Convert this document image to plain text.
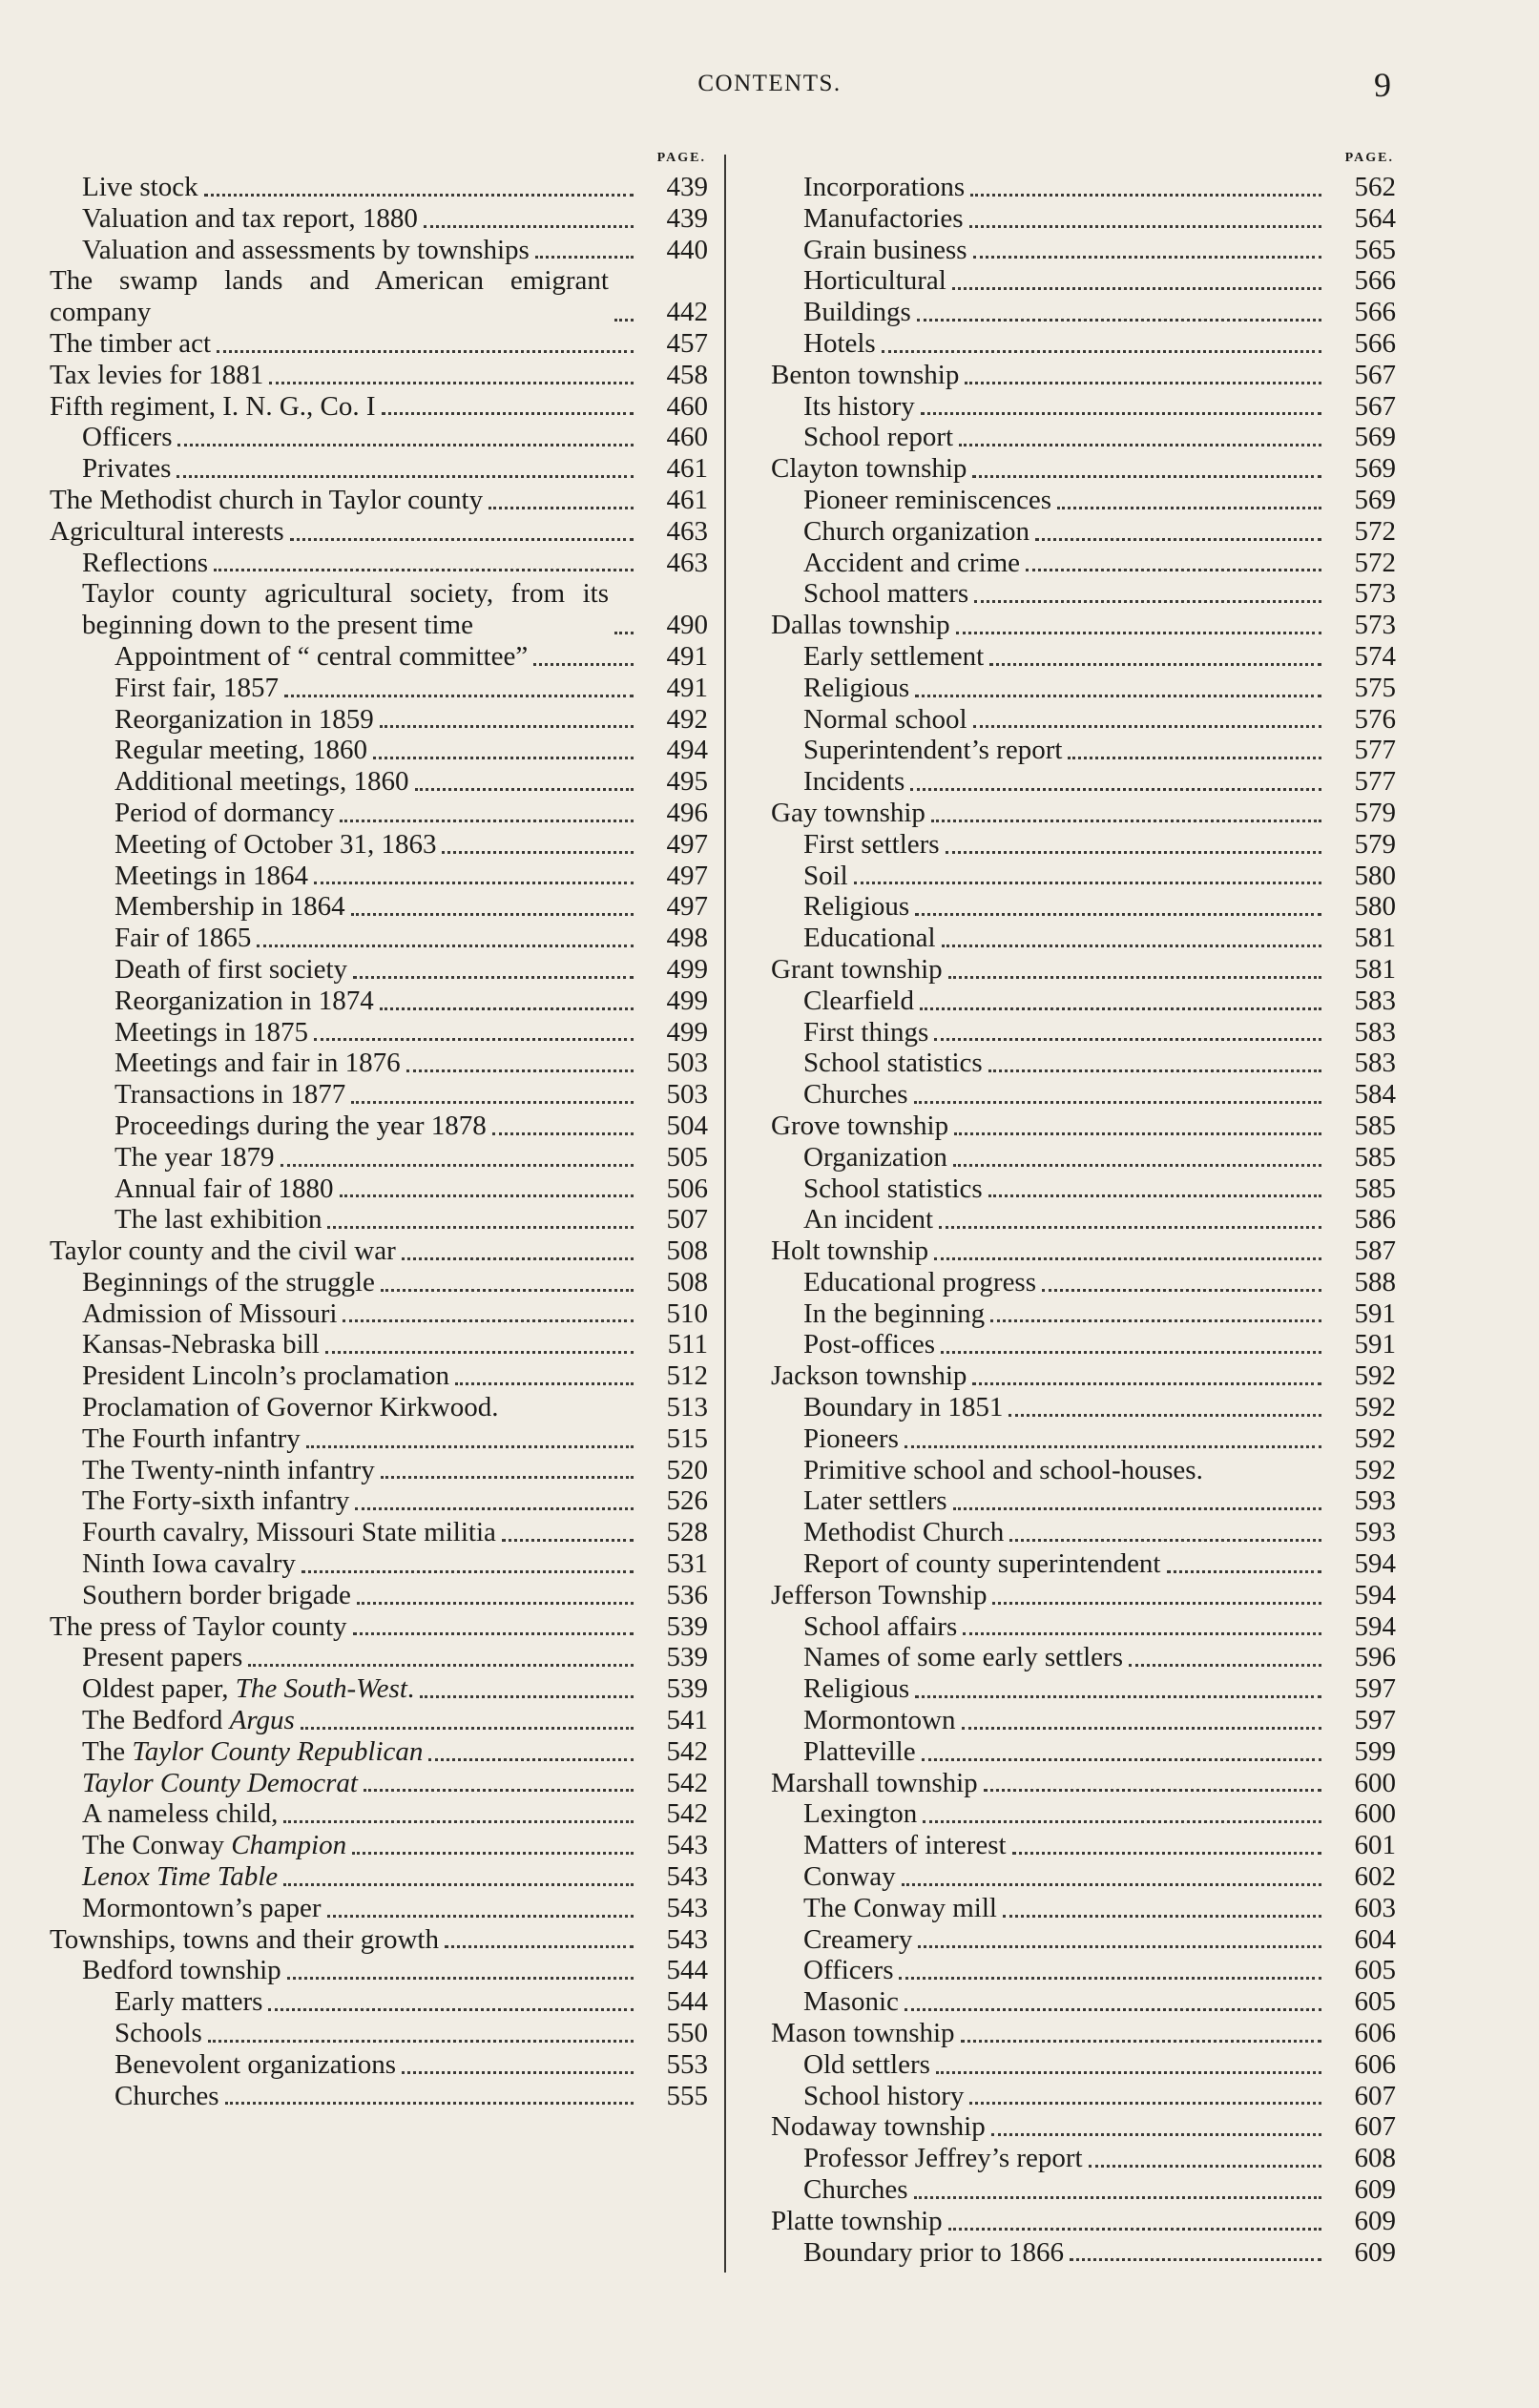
CONTENTS.	9
PAGE.
Live stock	439
Valuation and tax report, 1880	439
Valuation and assessments by townships	440
The swamp lands and American emigrant company	442
The timber act	457
Tax levies for 1881	458
Fifth regiment, I. N. G., Co. I	460
Officers	460
Privates	461
The Methodist church in Taylor county	461
Agricultural interests	463
Reflections	463
Taylor county agricultural society, from its beginning down to the present time	490
Appointment of “ central committee”	491
First fair, 1857	491
Reorganization in 1859	492
Regular meeting, 1860	494
Additional meetings, 1860	495
Period of dormancy	496
Meeting of October 31, 1863	497
Meetings in 1864	497
Membership in 1864	497
Fair of 1865	498
Death of first society	499
Reorganization in 1874	499
Meetings in 1875	499
Meetings and fair in 1876	503
Transactions in 1877	503
Proceedings during the year 1878	504
The year 1879	505
Annual fair of 1880	506
The last exhibition	507
Taylor county and the civil war	508
Beginnings of the struggle	508
Admission of Missouri	510
Kansas-Nebraska bill	511
President Lincoln’s proclamation	512
Proclamation of Governor Kirkwood.	513
The Fourth infantry	515
The Twenty-ninth infantry	520
The Forty-sixth infantry	526
Fourth cavalry, Missouri State militia	528
Ninth Iowa cavalry	531
Southern border brigade	536
The press of Taylor county	539
Present papers	539
Oldest paper, The South-West.	539
The Bedford Argus	541
The Taylor County Republican	542
Taylor County Democrat	542
A nameless child,	542
The Conway Champion	543
Lenox Time Table	543
Mormontown’s paper	543
Townships, towns and their growth	543
Bedford township	544
Early matters	544
Schools	550
Benevolent organizations	553
Churches	555
PAGE.
Incorporations	562
Manufactories	564
Grain business	565
Horticultural	566
Buildings	566
Hotels	566
Benton township	567
Its history	567
School report	569
Clayton township	569
Pioneer reminiscences	569
Church organization	572
Accident and crime	572
School matters	573
Dallas township	573
Early settlement	574
Religious	575
Normal school	576
Superintendent’s report	577
Incidents	577
Gay township	579
First settlers	579
Soil	580
Religious	580
Educational	581
Grant township	581
Clearfield	583
First things	583
School statistics	583
Churches	584
Grove township	585
Organization	585
School statistics	585
An incident	586
Holt township	587
Educational progress	588
In the beginning	591
Post-offices	591
Jackson township	592
Boundary in 1851	592
Pioneers	592
Primitive school and school-houses.	592
Later settlers	593
Methodist Church	593
Report of county superintendent	594
Jefferson Township	594
School affairs	594
Names of some early settlers	596
Religious	597
Mormontown	597
Platteville	599
Marshall township	600
Lexington	600
Matters of interest	601
Conway	602
The Conway mill	603
Creamery	604
Officers	605
Masonic	605
Mason township	606
Old settlers	606
School history	607
Nodaway township	607
Professor Jeffrey’s report	608
Churches	609
Platte township	609
Boundary prior to 1866	609
